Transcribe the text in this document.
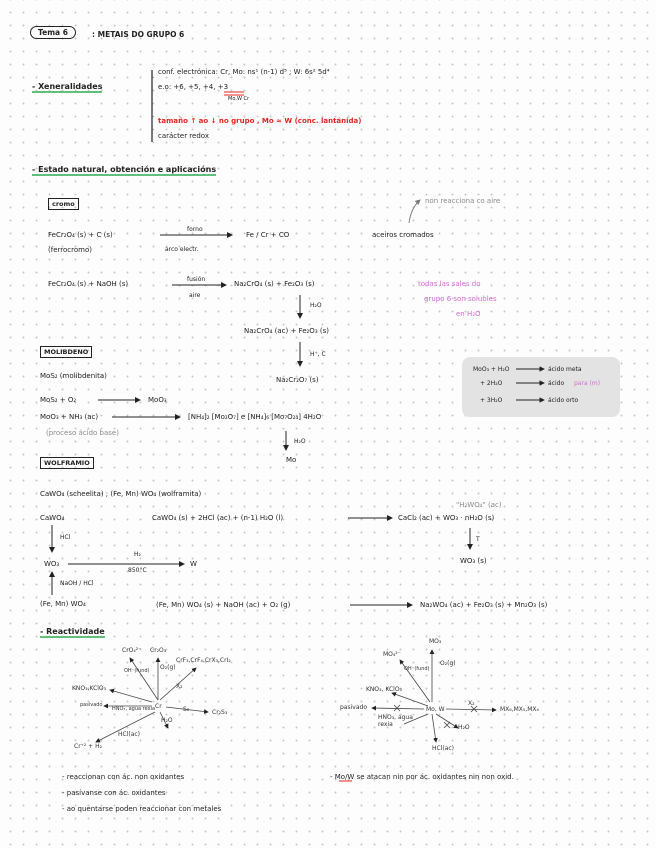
Tema 6	: METAIS DO GRUPO 6
- Xeneralidades
conf. electrónica: Cr, Mo: ns¹ (n-1) d⁵ ; W: 6s² 5d⁴
e.o: +6, +5, +4, +3
Mo,W Cr
tamaño ↑ ao ↓ no grupo , Mo ≈ W (conc. lantánida)
carácter redox
- Estado natural, obtención e aplicacións
non reacciona co aire
cromo
FeCr₂O₄ (s) + C (s)
(ferrocromo)
forno
arco electr.
Fe / Cr + CO	aceiros cromados
FeCr₂O₄ (s) + NaOH (s)
fusión
aire
Na₂CrO₄ (s) + Fe₂O₃ (s)
H₂O
Na₂CrO₄ (ac) + Fe₂O₃ (s)
H⁺, C
Na₂Cr₂O₇ (s)
todas las sales do
grupo 6 son solubles
en H₂O
MOLIBDENO
MoS₂ (molibdenita)
MoS₂ + O₂	MoO₃
MoO₃ + NH₃ (ac)	[NH₄]₂ [Mo₂O₇] e [NH₄]₆ [Mo₇O₂₄] 4H₂O
(proceso ácido base)
H₂O
Mo
MoO₃ + H₂O	ácido meta
+ 2H₂O	ácido para (m)
+ 3H₂O	ácido orto
WOLFRAMIO
CaWO₄ (scheelita) ; (Fe, Mn) WO₄ (wolframita)
"H₂WO₄" (ac)
CaWO₄	CaWO₄ (s) + 2HCl (ac) + (n-1) H₂O (l)	CaCl₂ (ac) + WO₃ · nH₂O (s)
HCl	T
WO₃
H₂
850°C
W	WO₃ (s)
NaOH / HCl
(Fe, Mn) WO₄	(Fe, Mn) WO₄ (s) + NaOH (ac) + O₂ (g)	Na₂WO₄ (ac) + Fe₂O₃ (s) + Mn₂O₃ (s)
- Reactividade
CrO₄²⁻ Cr₂O₃
O₂(g)
CrF₃,CrF₄,CrX₃,CrI₂
X₂
KNO₃,KClO₃
OH⁻(fund)
pasivado
HNO₃, agua rexia Cr	S₈	Cr₂S₃
H₂O
HCl(ac)
Cr⁺² + H₂
MO₃
MO₄²⁻
O₂(g)
OH⁻(fund)
KNO₃, KClO₃
X₂
MX₆,MX₅,MX₄
pasivado	Mo, W
HNO₃, agua rexia	H₂O
HCl(ac)
- reaccionan con ác. non oxidantes
- pasívanse con ác. oxidantes
- ao quentarse poden reaccionar con metales
- Mo/W se atacan nin por ác. oxidantes nin non oxid.
